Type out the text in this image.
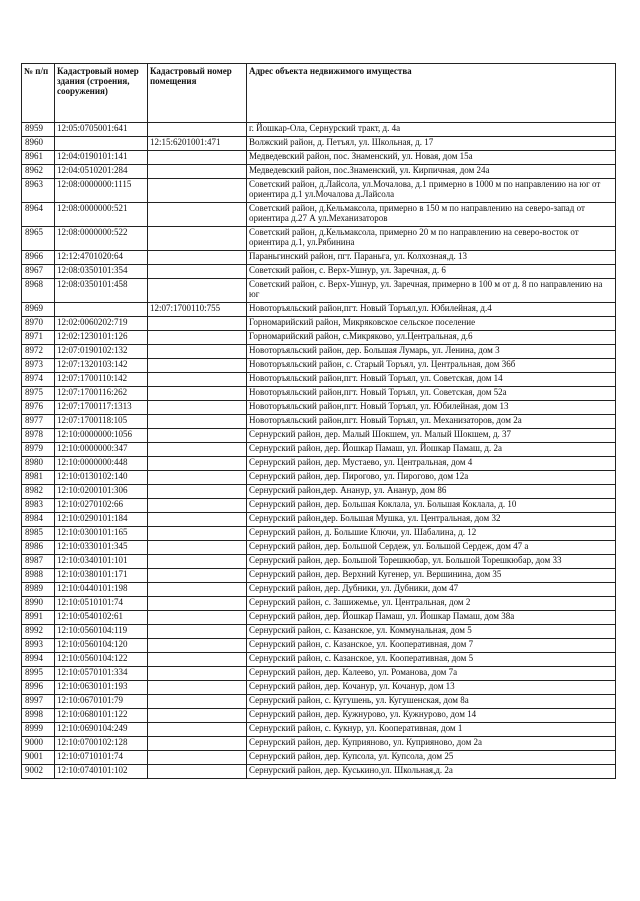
№ п/п	Кадастровый номер здания (строения, сооружения)	Кадастровый номер помещения	Адрес объекта недвижимого имущества
8959	12:05:0705001:641		г. Йошкар-Ола, Сернурский тракт, д. 4а
8960		12:15:6201001:471	Волжский район, д. Петъял, ул. Школьная, д. 17
8961	12:04:0190101:141		Медведевский район, пос. Знаменский, ул. Новая, дом 15а
8962	12:04:0510201:284		Медведевский район, пос.Знаменский, ул. Кирпичная, дом 24а
8963	12:08:0000000:1115		Советский район, д.Лайсола, ул.Мочалова, д.1 примерно в 1000 м по направлению на юг от ориентира д.1 ул.Мочалова д.Лайсола
8964	12:08:0000000:521		Советский район, д.Кельмаксола, примерно в 150 м по направлению на северо-запад от ориентира д.27 А ул.Механизаторов
8965	12:08:0000000:522		Советский район, д.Кельмаксола, примерно 20 м по направлению на северо-восток от ориентира д.1, ул.Рябинина
8966	12:12:4701020:64		Параньгинский район, пгт. Параньга, ул. Колхозная,д. 13
8967	12:08:0350101:354		Советский район, с. Верх-Ушнур, ул. Заречная, д. 6
8968	12:08:0350101:458		Советский район, с. Верх-Ушнур, ул. Заречная, примерно в 100 м от д. 8 по направлению на юг
8969		12:07:1700110:755	Новоторъяльский район,пгт. Новый Торъял,ул. Юбилейная, д.4
8970	12:02:0060202:719		Горномарийский район, Микряковское сельское поселение
8971	12:02:1230101:126		Горномарийский район, с.Микряково, ул.Центральная, д.6
8972	12:07:0190102:132		Новоторъяльский район, дер. Большая Лумарь, ул. Ленина, дом 3
8973	12:07:1320103:142		Новоторъяльский район, с. Старый Торъял, ул. Центральная, дом 36б
8974	12:07:1700110:142		Новоторъяльский район,пгт. Новый Торъял, ул. Советская, дом 14
8975	12:07:1700116:262		Новоторъяльский район,пгт. Новый Торъял, ул. Советская, дом 52а
8976	12:07:1700117:1313		Новоторъяльский район,пгт. Новый Торъял, ул. Юбилейная, дом 13
8977	12:07:1700118:105		Новоторъяльский район,пгт. Новый Торъял, ул. Механизаторов, дом 2а
8978	12:10:0000000:1056		Сернурский район, дер. Малый Шокшем, ул. Малый Шокшем, д. 37
8979	12:10:0000000:347		Сернурский район, дер. Йошкар Памаш, ул. Йошкар Памаш, д. 2а
8980	12:10:0000000:448		Сернурский район, дер. Мустаево, ул. Центральная, дом 4
8981	12:10:0130102:140		Сернурский район, дер. Пирогово, ул. Пирогово, дом 12а
8982	12:10:0200101:306		Сернурский район,дер. Ананур, ул. Ананур, дом 86
8983	12:10:0270102:66		Сернурский район, дер. Большая Коклала, ул. Большая Коклала, д. 10
8984	12:10:0290101:184		Сернурский район,дер. Большая Мушка, ул. Центральная, дом 32
8985	12:10:0300101:165		Сернурский район, д. Большие Ключи, ул. Шабалина, д. 12
8986	12:10:0330101:345		Сернурский район, дер. Большой Сердеж, ул. Большой Сердеж, дом 47 а
8987	12:10:0340101:101		Сернурский район, дер. Большой Торешкюбар, ул. Большой Торешкюбар, дом 33
8988	12:10:0380101:171		Сернурский район, дер. Верхний Кугенер, ул. Вершинина, дом 35
8989	12:10:0440101:198		Сернурский район, дер. Дубники, ул. Дубники, дом 47
8990	12:10:0510101:74		Сернурский район, с. Зашижемье, ул. Центральная, дом 2
8991	12:10:0540102:61		Сернурский район, дер. Йошкар Памаш, ул. Йошкар Памаш, дом 38а
8992	12:10:0560104:119		Сернурский район, с. Казанское, ул. Коммунальная, дом 5
8993	12:10:0560104:120		Сернурский район, с. Казанское, ул. Кооперативная, дом 7
8994	12:10:0560104:122		Сернурский район, с. Казанское, ул. Кооперативная, дом 5
8995	12:10:0570101:334		Сернурский район, дер. Калеево, ул. Романова, дом 7а
8996	12:10:0630101:193		Сернурский район, дер. Кочанур, ул. Кочанур, дом 13
8997	12:10:0670101:79		Сернурский район, с. Кугушень, ул. Кугушенская, дом 8а
8998	12:10:0680101:122		Сернурский район, дер. Кужнурово, ул. Кужнурово, дом 14
8999	12:10:0690104:249		Сернурский район, с. Кукнур, ул. Кооперативная, дом 1
9000	12:10:0700102:128		Сернурский район, дер. Куприяново, ул. Куприяново, дом 2а
9001	12:10:0710101:74		Сернурский район, дер. Купсола, ул. Купсола, дом 25
9002	12:10:0740101:102		Сернурский район, дер. Куськино,ул. Школьная,д. 2а
